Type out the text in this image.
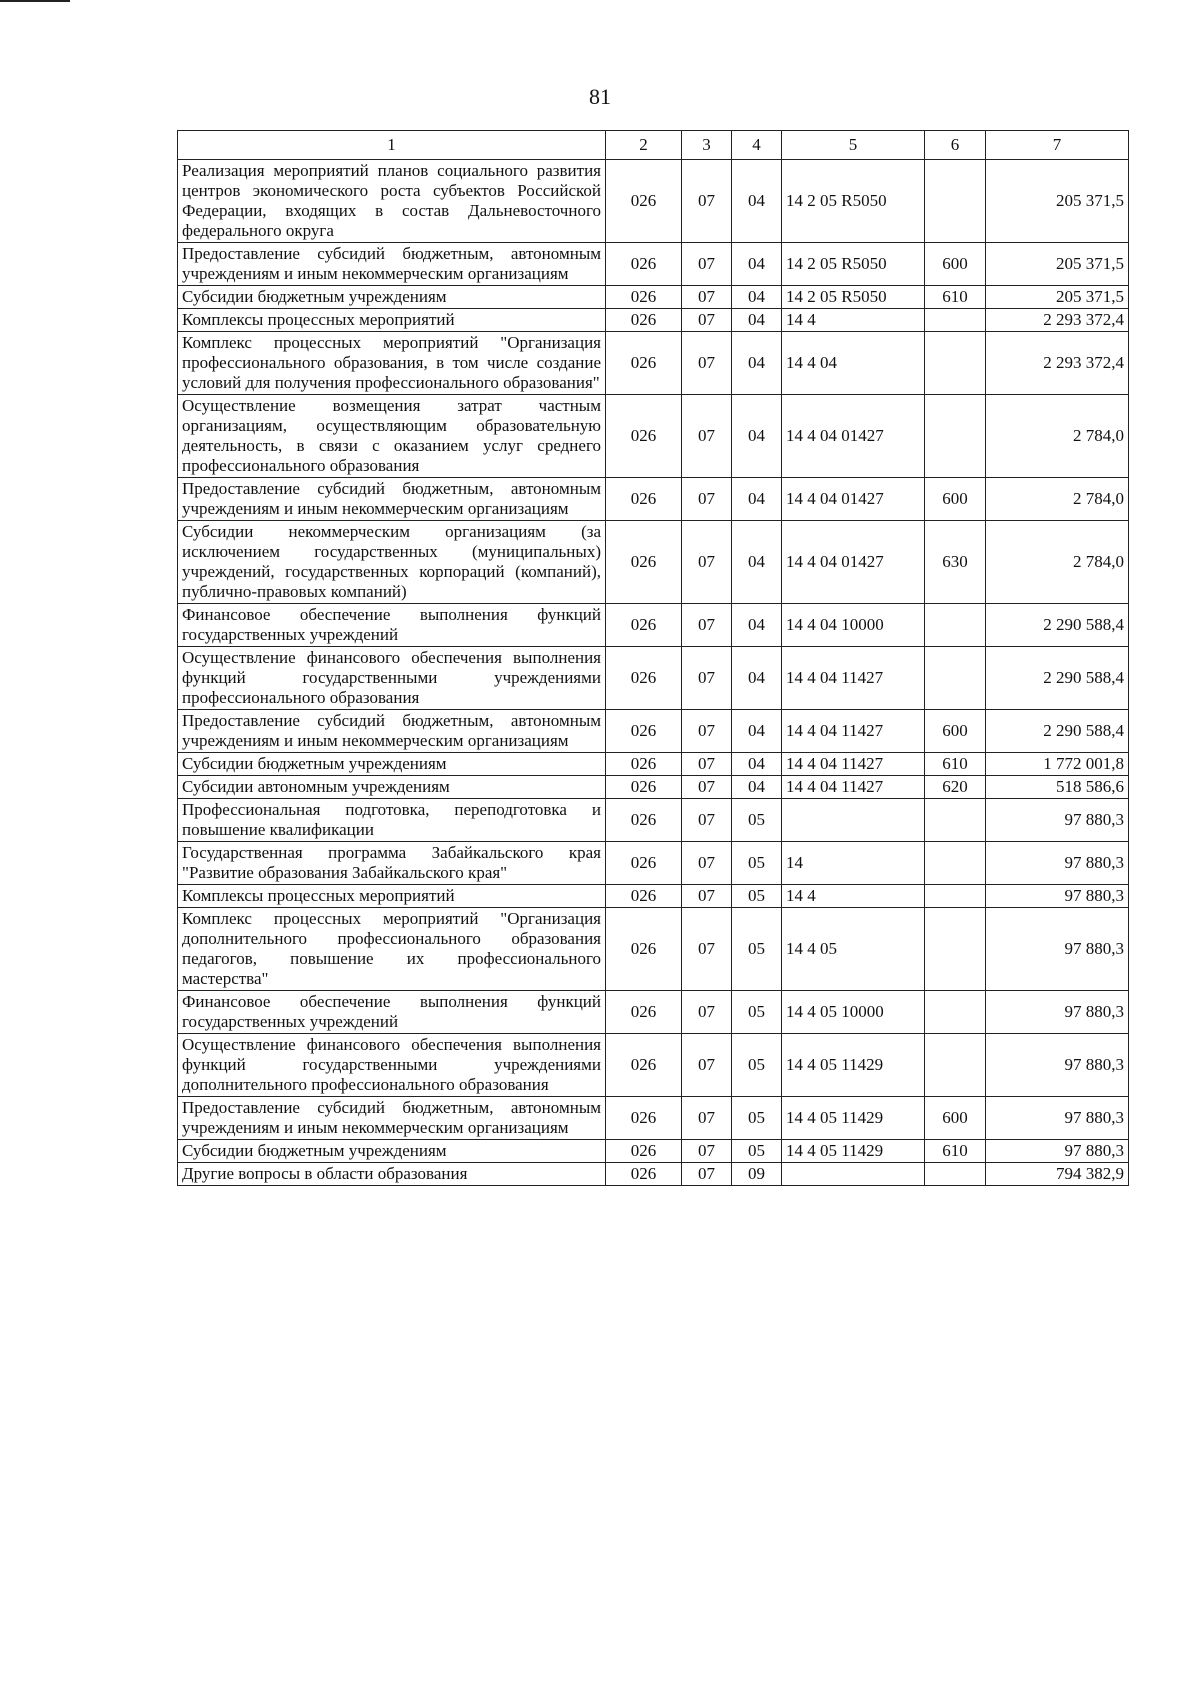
81
1	2	3	4	5	6	7
Реализация мероприятий планов социального развития центров экономического роста субъектов Российской Федерации, входящих в состав Дальневосточного федерального округа	026	07	04	14 2 05 R5050		205 371,5
Предоставление субсидий бюджетным, автономным учреждениям и иным некоммерческим организациям	026	07	04	14 2 05 R5050	600	205 371,5
Субсидии бюджетным учреждениям	026	07	04	14 2 05 R5050	610	205 371,5
Комплексы процессных мероприятий	026	07	04	14 4		2 293 372,4
Комплекс процессных мероприятий "Организация профессионального образования, в том числе создание условий для получения профессионального образования"	026	07	04	14 4 04		2 293 372,4
Осуществление возмещения затрат частным организациям, осуществляющим образовательную деятельность, в связи с оказанием услуг среднего профессионального образования	026	07	04	14 4 04 01427		2 784,0
Предоставление субсидий бюджетным, автономным учреждениям и иным некоммерческим организациям	026	07	04	14 4 04 01427	600	2 784,0
Субсидии некоммерческим организациям (за исключением государственных (муниципальных) учреждений, государственных корпораций (компаний), публично-правовых компаний)	026	07	04	14 4 04 01427	630	2 784,0
Финансовое обеспечение выполнения функций государственных учреждений	026	07	04	14 4 04 10000		2 290 588,4
Осуществление финансового обеспечения выполнения функций государственными учреждениями профессионального образования	026	07	04	14 4 04 11427		2 290 588,4
Предоставление субсидий бюджетным, автономным учреждениям и иным некоммерческим организациям	026	07	04	14 4 04 11427	600	2 290 588,4
Субсидии бюджетным учреждениям	026	07	04	14 4 04 11427	610	1 772 001,8
Субсидии автономным учреждениям	026	07	04	14 4 04 11427	620	518 586,6
Профессиональная подготовка, переподготовка и повышение квалификации	026	07	05			97 880,3
Государственная программа Забайкальского края "Развитие образования Забайкальского края"	026	07	05	14		97 880,3
Комплексы процессных мероприятий	026	07	05	14 4		97 880,3
Комплекс процессных мероприятий "Организация дополнительного профессионального образования педагогов, повышение их профессионального мастерства"	026	07	05	14 4 05		97 880,3
Финансовое обеспечение выполнения функций государственных учреждений	026	07	05	14 4 05 10000		97 880,3
Осуществление финансового обеспечения выполнения функций государственными учреждениями дополнительного профессионального образования	026	07	05	14 4 05 11429		97 880,3
Предоставление субсидий бюджетным, автономным учреждениям и иным некоммерческим организациям	026	07	05	14 4 05 11429	600	97 880,3
Субсидии бюджетным учреждениям	026	07	05	14 4 05 11429	610	97 880,3
Другие вопросы в области образования	026	07	09			794 382,9
